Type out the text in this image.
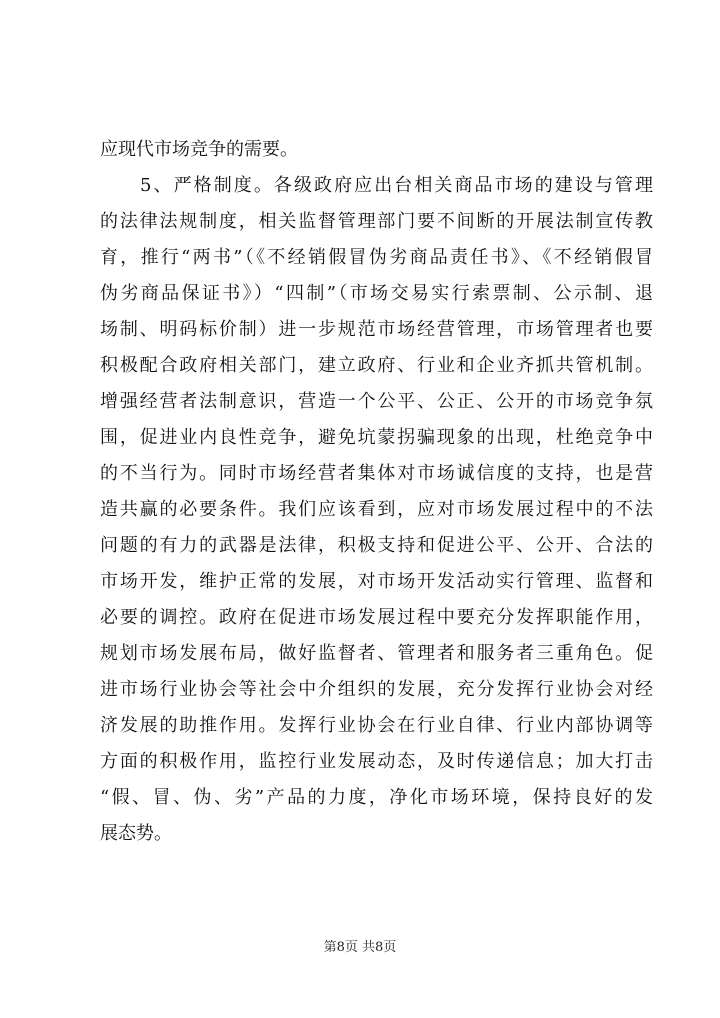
应现代市场竞争的需要。
5、严格制度。各级政府应出台相关商品市场的建设与管理
的法律法规制度，相关监督管理部门要不间断的开展法制宣传教
育，推行“两书”（《不经销假冒伪劣商品责任书》、《不经销假冒
伪劣商品保证书》）“四制”（市场交易实行索票制、公示制、退
场制、明码标价制）进一步规范市场经营管理，市场管理者也要
积极配合政府相关部门，建立政府、行业和企业齐抓共管机制。
增强经营者法制意识，营造一个公平、公正、公开的市场竞争氛
围，促进业内良性竞争，避免坑蒙拐骗现象的出现，杜绝竞争中
的不当行为。同时市场经营者集体对市场诚信度的支持，也是营
造共赢的必要条件。我们应该看到，应对市场发展过程中的不法
问题的有力的武器是法律，积极支持和促进公平、公开、合法的
市场开发，维护正常的发展，对市场开发活动实行管理、监督和
必要的调控。政府在促进市场发展过程中要充分发挥职能作用，
规划市场发展布局，做好监督者、管理者和服务者三重角色。促
进市场行业协会等社会中介组织的发展，充分发挥行业协会对经
济发展的助推作用。发挥行业协会在行业自律、行业内部协调等
方面的积极作用，监控行业发展动态，及时传递信息；加大打击
“假、冒、伪、劣”产品的力度，净化市场环境，保持良好的发
展态势。
第8页 共8页
